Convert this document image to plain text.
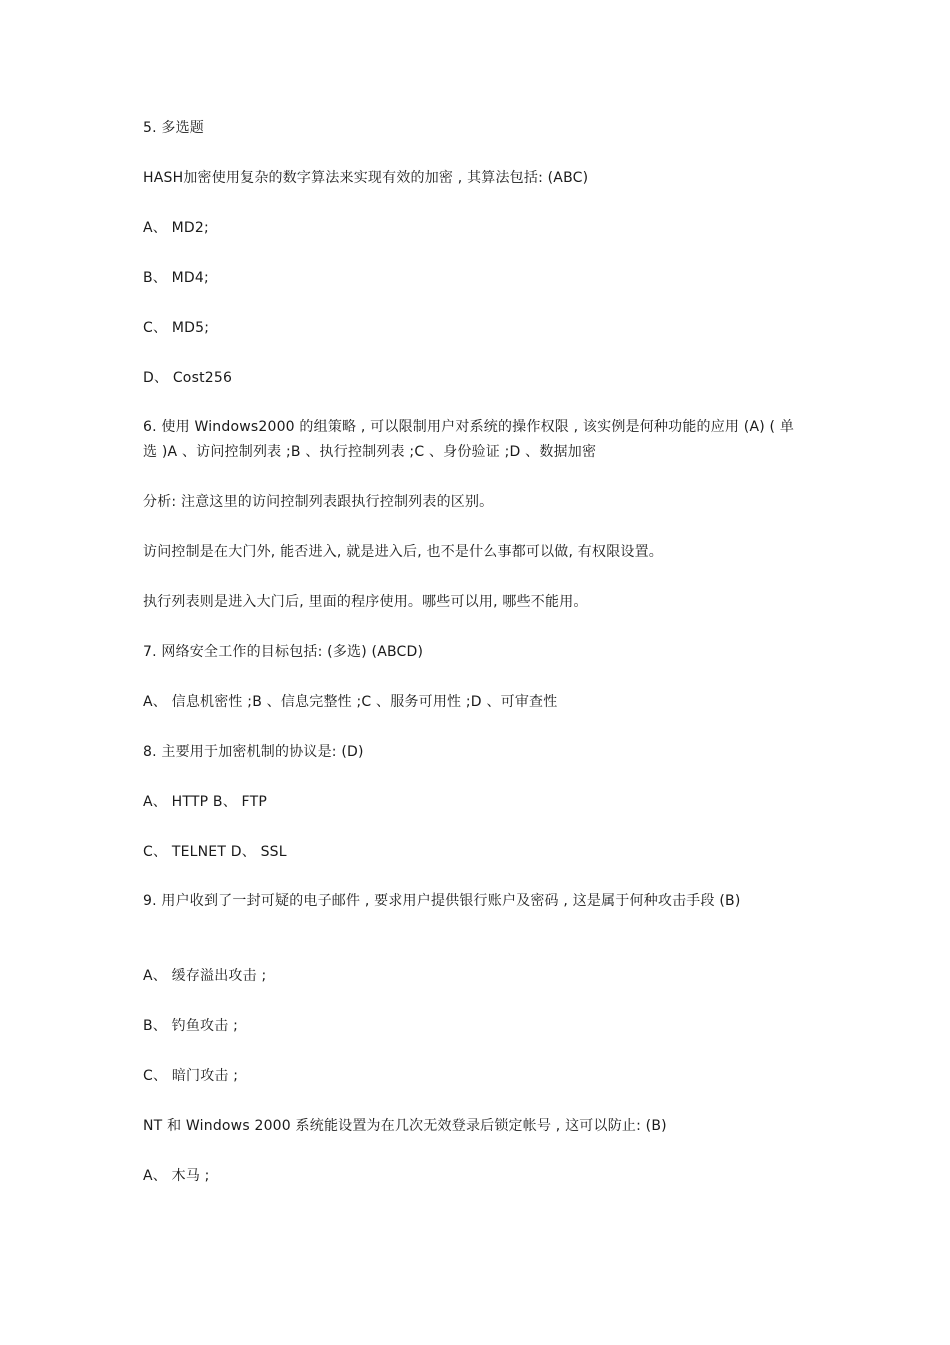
5. 多选题
HASH加密使用复杂的数字算法来实现有效的加密 , 其算法包括: (ABC)
A、 MD2;
B、 MD4;
C、 MD5;
D、 Cost256
6. 使用 Windows2000 的组策略 , 可以限制用户对系统的操作权限 , 该实例是何种功能的应用 (A) ( 单选 )A 、访问控制列表 ;B 、执行控制列表 ;C 、身份验证 ;D 、数据加密
分析: 注意这里的访问控制列表跟执行控制列表的区别。
访问控制是在大门外, 能否进入, 就是进入后, 也不是什么事都可以做, 有权限设置。
执行列表则是进入大门后, 里面的程序使用。哪些可以用, 哪些不能用。
7. 网络安全工作的目标包括: (多选) (ABCD)
A、 信息机密性 ;B 、信息完整性 ;C 、服务可用性 ;D 、可审查性
8. 主要用于加密机制的协议是: (D)
A、 HTTP B、 FTP
C、 TELNET D、 SSL
9. 用户收到了一封可疑的电子邮件 , 要求用户提供银行账户及密码 , 这是属于何种攻击手段 (B)
A、 缓存溢出攻击 ;
B、 钓鱼攻击 ;
C、 暗门攻击 ;
NT 和 Windows 2000 系统能设置为在几次无效登录后锁定帐号 , 这可以防止: (B)
A、 木马 ;
